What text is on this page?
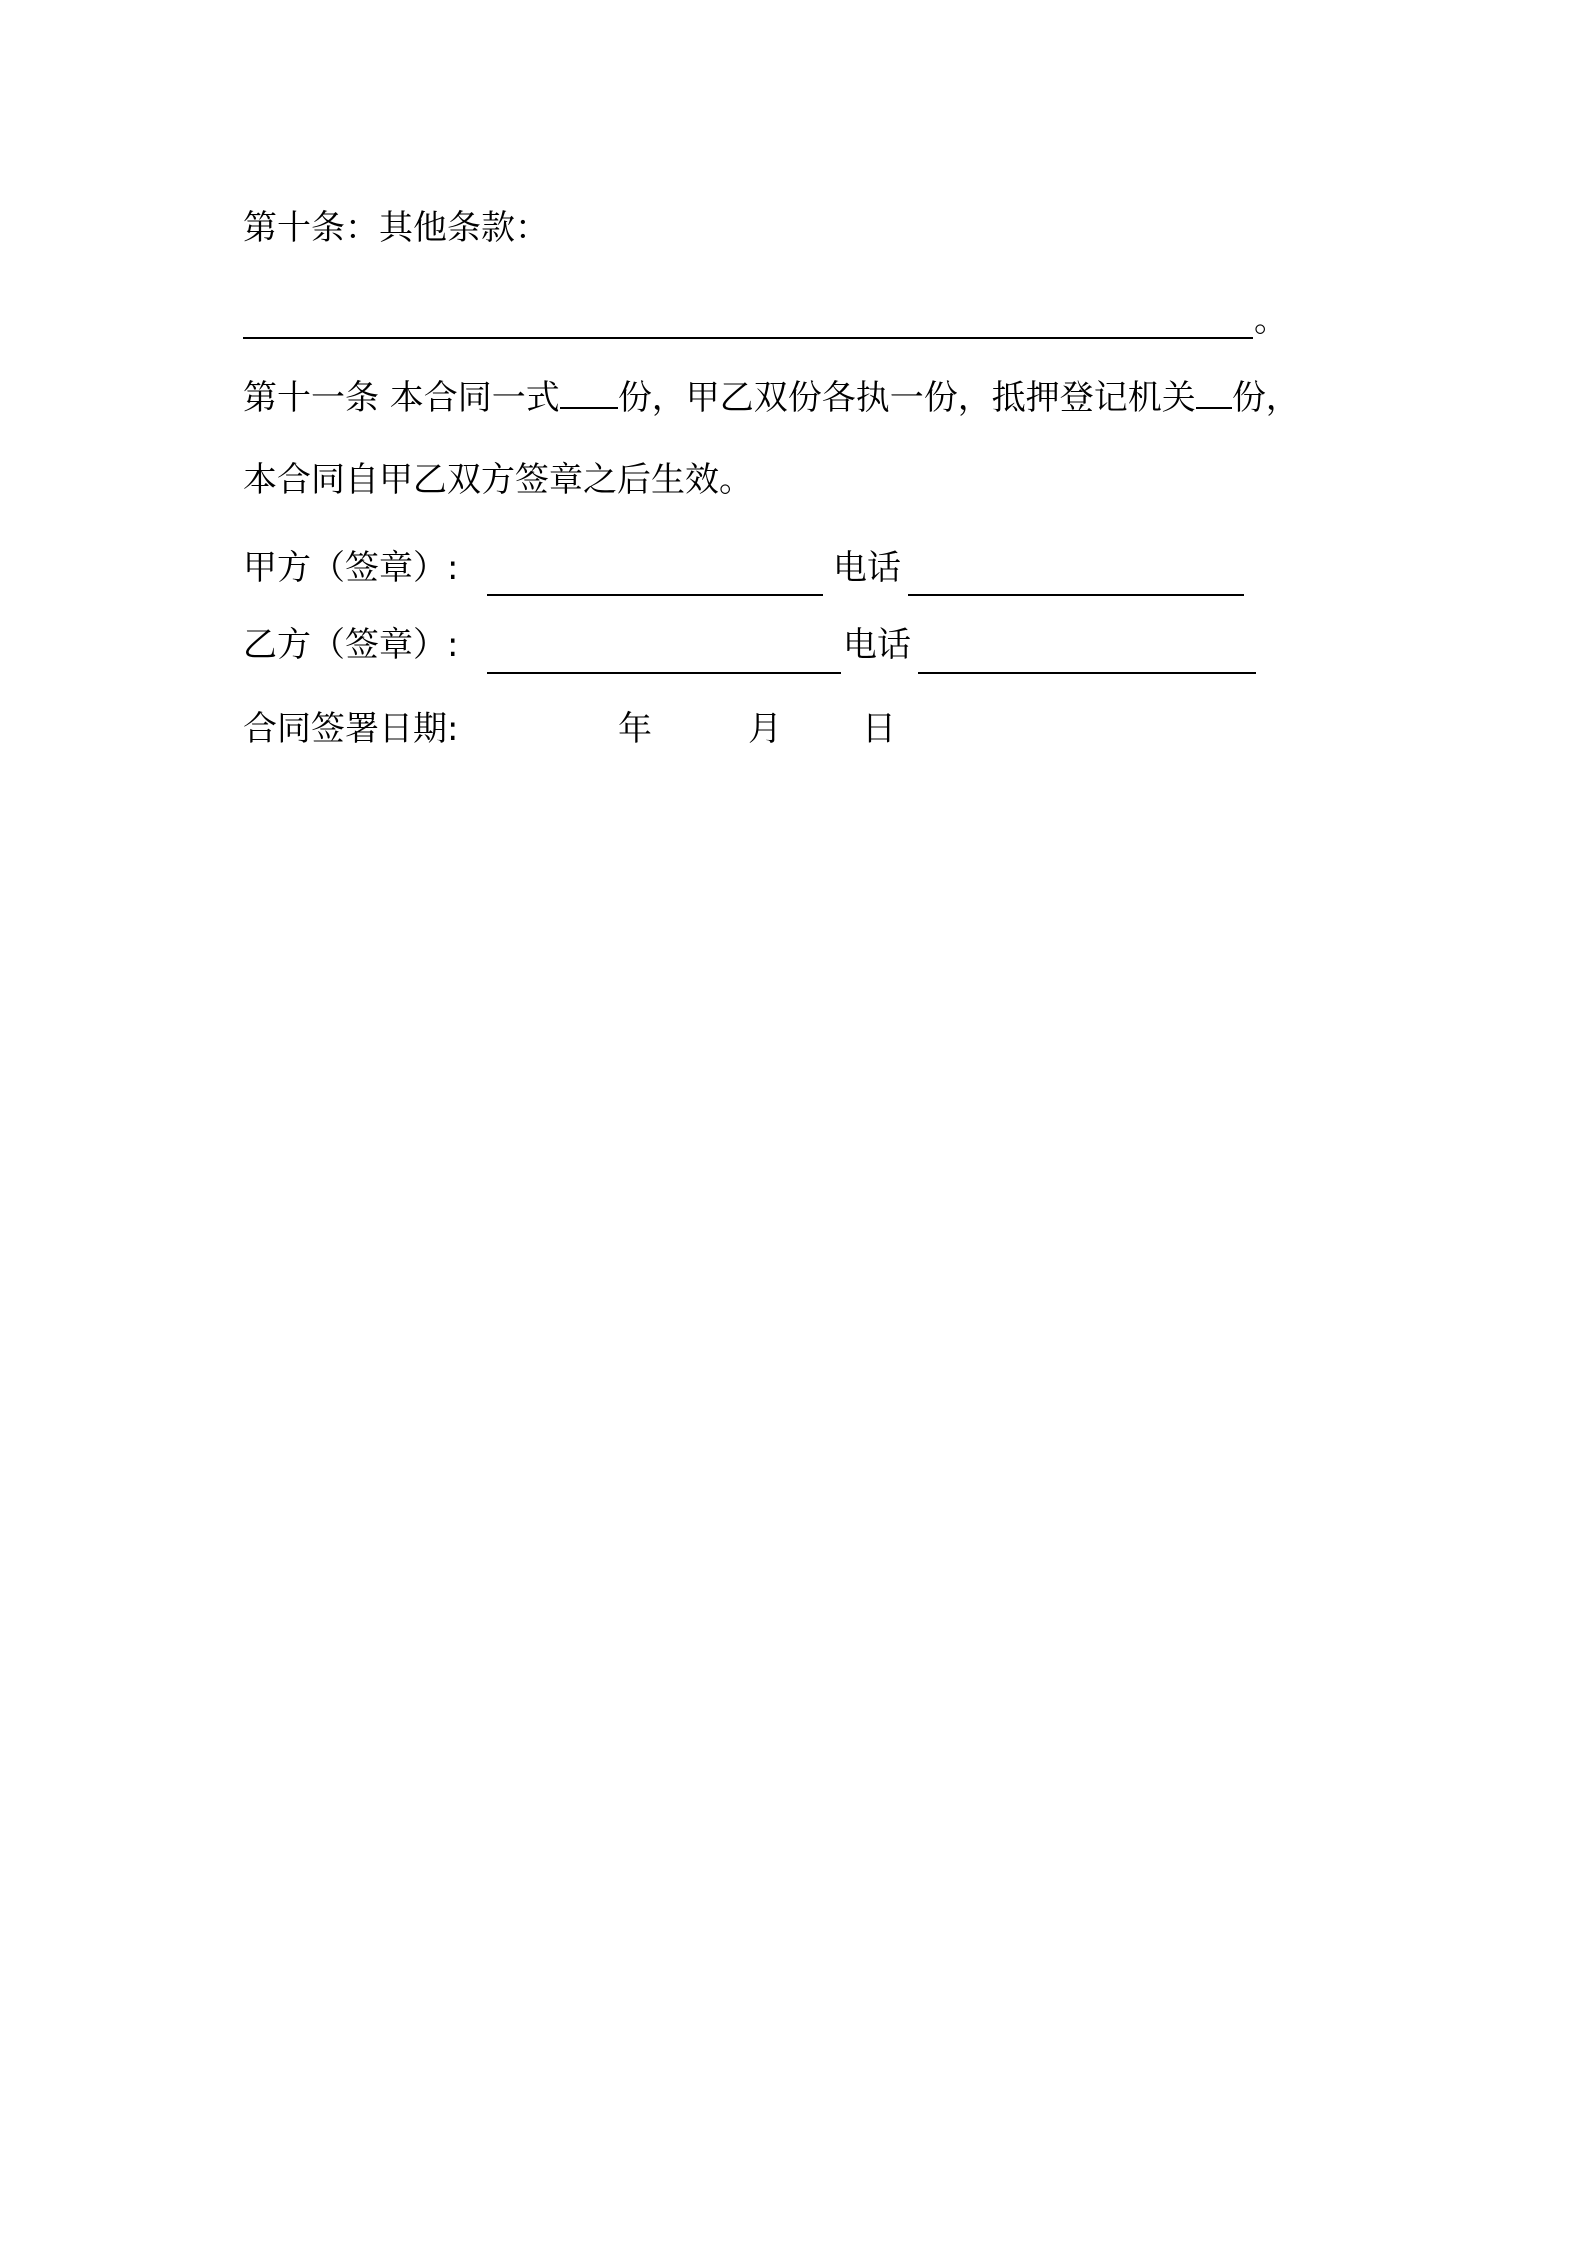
第十条：其他条款：
。
第十一条 本合同一式 份，甲乙双份各执一份，抵押登记机关 份，
本合同自甲乙双方签章之后生效。
甲方（签章）:	电话
乙方（签章）:	电话
合同签署日期:	年	月 日
